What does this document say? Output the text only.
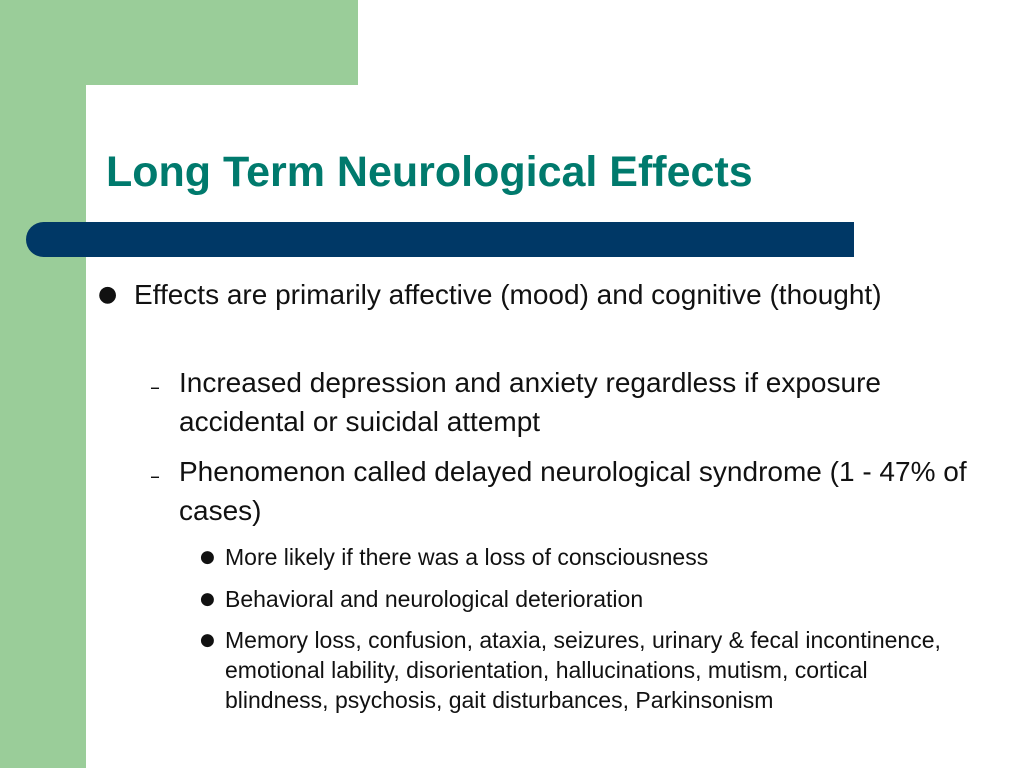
Long Term Neurological Effects
● Effects are primarily affective (mood) and cognitive (thought)
– Increased depression and anxiety regardless if exposure accidental or suicidal attempt
– Phenomenon called delayed neurological syndrome (1 - 47% of cases)
● More likely if there was a loss of consciousness
● Behavioral and neurological deterioration
● Memory loss, confusion, ataxia, seizures, urinary & fecal incontinence, emotional lability, disorientation, hallucinations, mutism, cortical blindness, psychosis, gait disturbances, Parkinsonism
